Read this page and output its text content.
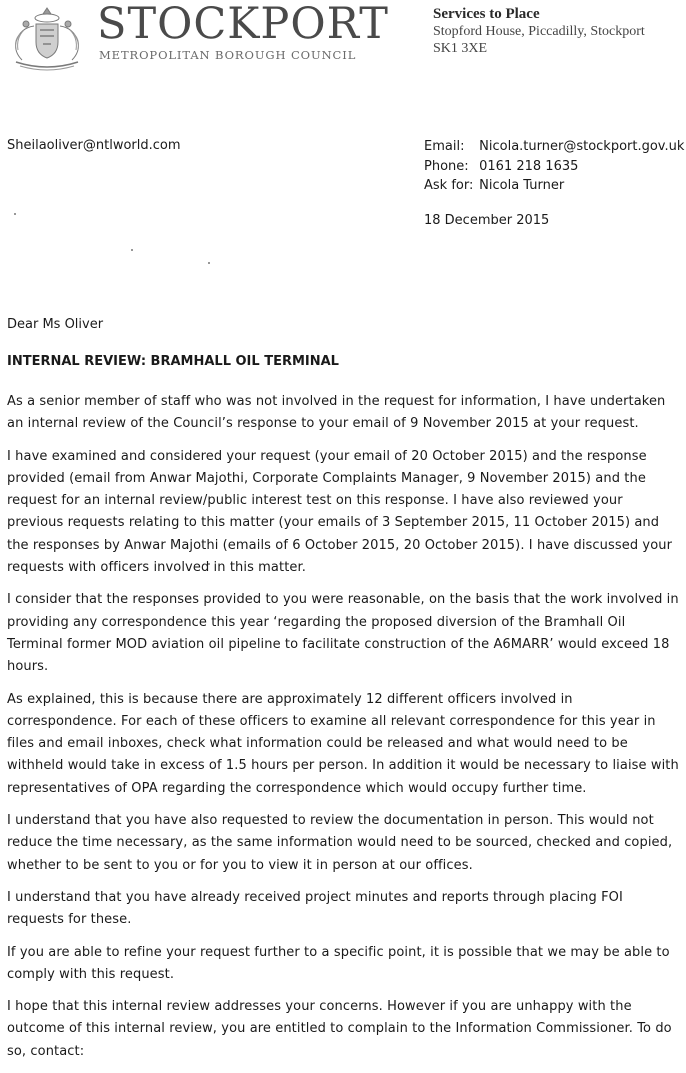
STOCKPORT
METROPOLITAN BOROUGH COUNCIL
Services to Place
Stopford House, Piccadilly, Stockport
SK1 3XE
Sheilaoliver@ntlworld.com	Email: Nicola.turner@stockport.gov.uk
Phone: 0161 218 1635
Ask for: Nicola Turner
18 December 2015
Dear Ms Oliver
INTERNAL REVIEW: BRAMHALL OIL TERMINAL

As a senior member of staff who was not involved in the request for information, I have undertaken an internal review of the Council’s response to your email of 9 November 2015 at your request.

I have examined and considered your request (your email of 20 October 2015) and the response provided (email from Anwar Majothi, Corporate Complaints Manager, 9 November 2015) and the request for an internal review/public interest test on this response. I have also reviewed your previous requests relating to this matter (your emails of 3 September 2015, 11 October 2015) and the responses by Anwar Majothi (emails of 6 October 2015, 20 October 2015). I have discussed your requests with officers involved in this matter.

I consider that the responses provided to you were reasonable, on the basis that the work involved in providing any correspondence this year ‘regarding the proposed diversion of the Bramhall Oil Terminal former MOD aviation oil pipeline to facilitate construction of the A6MARR’ would exceed 18 hours.

As explained, this is because there are approximately 12 different officers involved in correspondence. For each of these officers to examine all relevant correspondence for this year in files and email inboxes, check what information could be released and what would need to be withheld would take in excess of 1.5 hours per person. In addition it would be necessary to liaise with representatives of OPA regarding the correspondence which would occupy further time.

I understand that you have also requested to review the documentation in person. This would not reduce the time necessary, as the same information would need to be sourced, checked and copied, whether to be sent to you or for you to view it in person at our offices.

I understand that you have already received project minutes and reports through placing FOI requests for these.

If you are able to refine your request further to a specific point, it is possible that we may be able to comply with this request.

I hope that this internal review addresses your concerns. However if you are unhappy with the outcome of this internal review, you are entitled to complain to the Information Commissioner. To do so, contact:
